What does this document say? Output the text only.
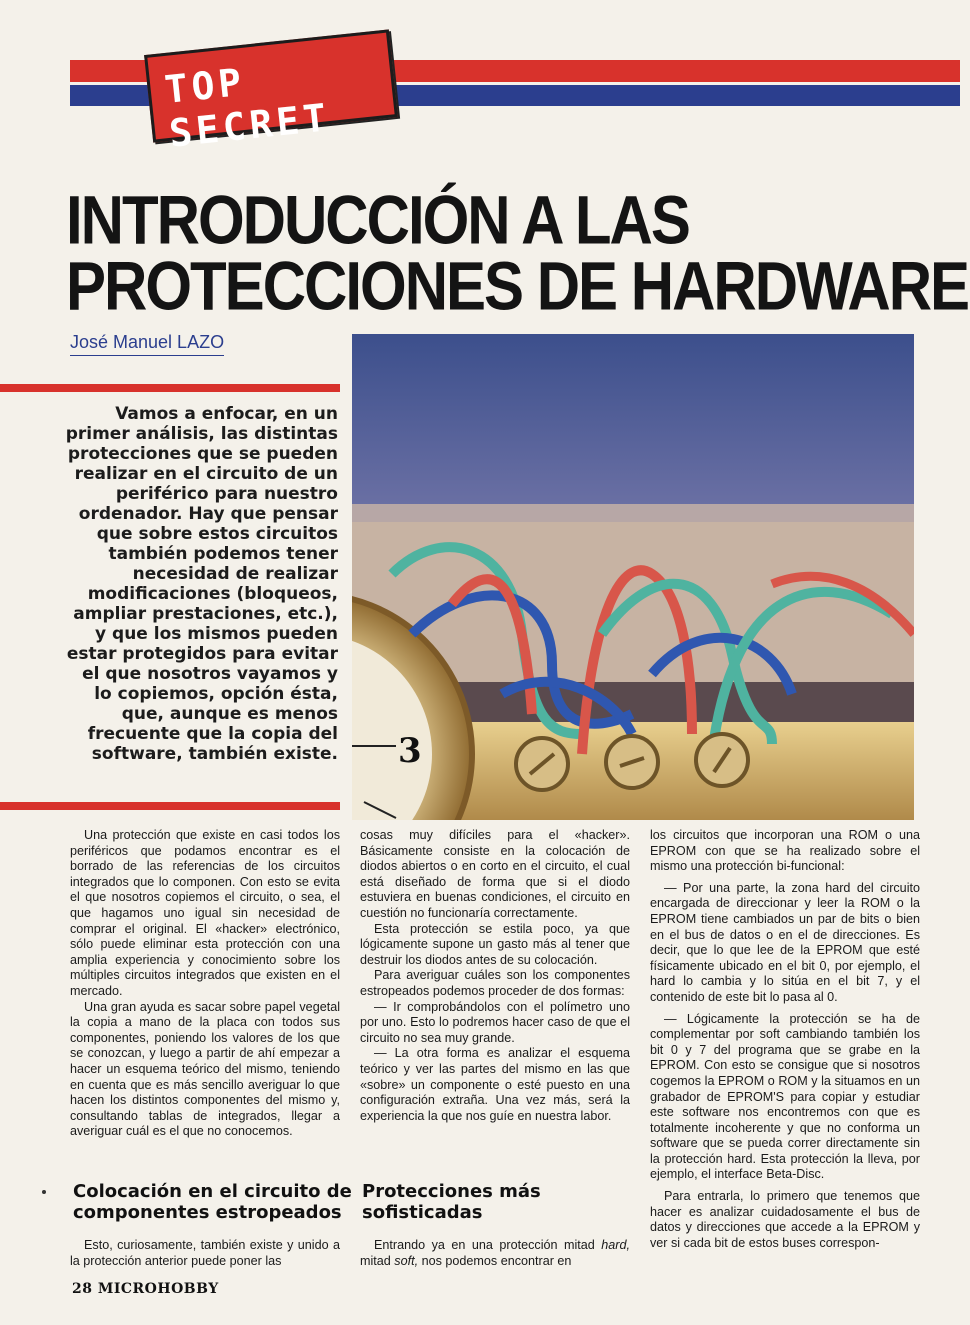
TOP SECRET
INTRODUCCIÓN A LAS
PROTECCIONES DE HARDWARE
José Manuel LAZO
Vamos a enfocar, en un primer análisis, las distintas protecciones que se pueden realizar en el circuito de un periférico para nuestro ordenador. Hay que pensar que sobre estos circuitos también podemos tener necesidad de realizar modificaciones (bloqueos, ampliar prestaciones, etc.), y que los mismos pueden estar protegidos para evitar el que nosotros vayamos y lo copiemos, opción ésta, que, aunque es menos frecuente que la copia del software, también existe. 3

Una protección que existe en casi todos los periféricos que podamos encontrar es el borrado de las referencias de los circuitos integrados que lo componen. Con esto se evita el que nosotros copiemos el circuito, o sea, el que hagamos uno igual sin necesidad de comprar el original. El «hacker» electrónico, sólo puede eliminar esta protección con una amplia experiencia y conocimiento sobre los múltiples circuitos integrados que existen en el mercado.

Una gran ayuda es sacar sobre papel vegetal la copia a mano de la placa con todos sus componentes, poniendo los valores de los que se conozcan, y luego a partir de ahí empezar a hacer un esquema teórico del mismo, teniendo en cuenta que es más sencillo averiguar lo que hacen los distintos componentes del mismo y, consultando tablas de integrados, llegar a averiguar cuál es el que no conocemos.

Colocación en el circuito de componentes estropeados

Esto, curiosamente, también existe y unido a la protección anterior puede poner las

cosas muy difíciles para el «hacker». Básicamente consiste en la colocación de diodos abiertos o en corto en el circuito, el cual está diseñado de forma que si el diodo estuviera en buenas condiciones, el circuito en cuestión no funcionaría correctamente.

Esta protección se estila poco, ya que lógicamente supone un gasto más al tener que destruir los diodos antes de su colocación.

Para averiguar cuáles son los componentes estropeados podemos proceder de dos formas:

— Ir comprobándolos con el polímetro uno por uno. Esto lo podremos hacer caso de que el circuito no sea muy grande.

— La otra forma es analizar el esquema teórico y ver las partes del mismo en las que «sobre» un componente o esté puesto en una configuración extraña. Una vez más, será la experiencia la que nos guíe en nuestra labor.

Protecciones más sofisticadas

Entrando ya en una protección mitad hard, mitad soft, nos podemos encontrar en

los circuitos que incorporan una ROM o una EPROM con que se ha realizado sobre el mismo una protección bi-funcional:

— Por una parte, la zona hard del circuito encargada de direccionar y leer la ROM o la EPROM tiene cambiados un par de bits o bien en el bus de datos o en el de direcciones. Es decir, que lo que lee de la EPROM que esté físicamente ubicado en el bit 0, por ejemplo, el hard lo cambia y lo sitúa en el bit 7, y el contenido de este bit lo pasa al 0.

— Lógicamente la protección se ha de complementar por soft cambiando también los bit 0 y 7 del programa que se grabe en la EPROM. Con esto se consigue que si nosotros cogemos la EPROM o ROM y la situamos en un grabador de EPROM'S para copiar y estudiar este software nos encontremos con que es totalmente incoherente y que no conforma un software que se pueda correr directamente sin la protección hard. Esta protección la lleva, por ejemplo, el interface Beta-Disc.

Para entrarla, lo primero que tenemos que hacer es analizar cuidadosamente el bus de datos y direcciones que accede a la EPROM y ver si cada bit de estos buses correspon-

28 MICROHOBBY
